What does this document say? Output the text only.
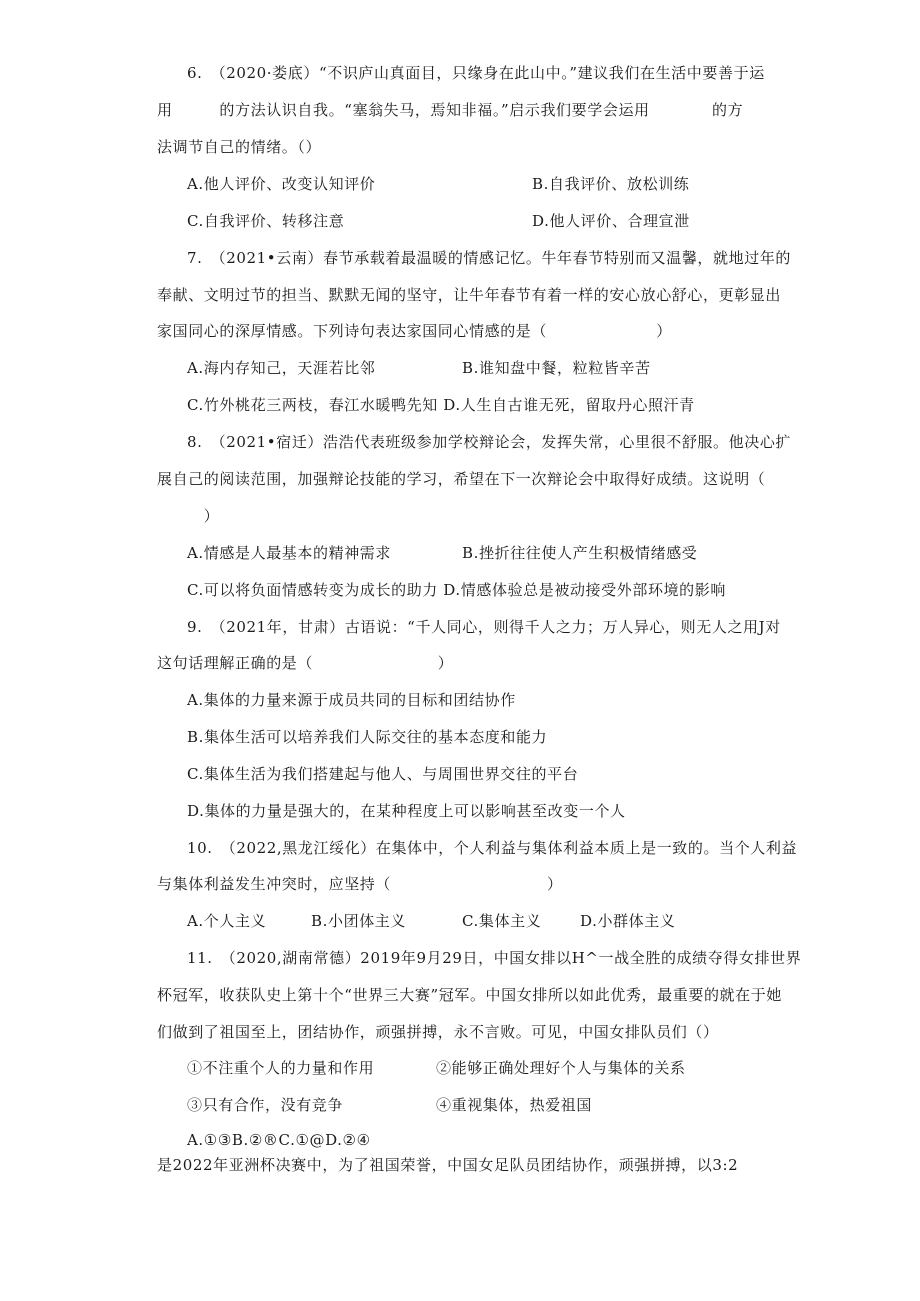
6.　（2020·娄底）“不识庐山真面目，只缘身在此山中。”建议我们在生活中要善于运
用　　　的方法认识自我。“塞翁失马，焉知非福。”启示我们要学会运用　　　　的方
法调节自己的情绪。（）
A.他人评价、改变认知评价	B.自我评价、放松训练
C.自我评价、转移注意	D.他人评价、合理宣泄
7.　（2021•云南）春节承载着最温暖的情感记忆。牛年春节特别而又温馨，就地过年的
奉献、文明过节的担当、默默无闻的坚守，让牛年春节有着一样的安心放心舒心，更彰显出
家国同心的深厚情感。下列诗句表达家国同心情感的是（　　　　　　　）
A.海内存知己，天涯若比邻	B.谁知盘中餐，粒粒皆辛苦
C.竹外桃花三两枝，春江水暖鸭先知 D.人生自古谁无死，留取丹心照汗青
8.　（2021•宿迁）浩浩代表班级参加学校辩论会，发挥失常，心里很不舒服。他决心扩
展自己的阅读范围，加强辩论技能的学习，希望在下一次辩论会中取得好成绩。这说明（
　　　）
A.情感是人最基本的精神需求	B.挫折往往使人产生积极情绪感受
C.可以将负面情感转变为成长的助力 D.情感体验总是被动接受外部环境的影响
9.　（2021年，甘肃）古语说：“千人同心，则得千人之力；万人异心，则无人之用J对
这句话理解正确的是（　　　　　　　　）
A.集体的力量来源于成员共同的目标和团结协作
B.集体生活可以培养我们人际交往的基本态度和能力
C.集体生活为我们搭建起与他人、与周围世界交往的平台
D.集体的力量是强大的，在某种程度上可以影响甚至改变一个人
10.　（2022,黑龙江绥化）在集体中，个人利益与集体利益本质上是一致的。当个人利益
与集体利益发生冲突时，应坚持（　　　　　　　　　　）
A.个人主义	B.小团体主义	C.集体主义	D.小群体主义
11.　（2020,湖南常德）2019年9月29日，中国女排以H^一战全胜的成绩夺得女排世界
杯冠军，收获队史上第十个“世界三大赛”冠军。中国女排所以如此优秀，最重要的就在于她
们做到了祖国至上，团结协作，顽强拼搏，永不言败。可见，中国女排队员们（）
①不注重个人的力量和作用	②能够正确处理好个人与集体的关系
③只有合作，没有竞争	④重视集体，热爱祖国
A.①③B.②®C.①@D.②④
是2022年亚洲杯决赛中，为了祖国荣誉，中国女足队员团结协作，顽强拼搏，以3:2
